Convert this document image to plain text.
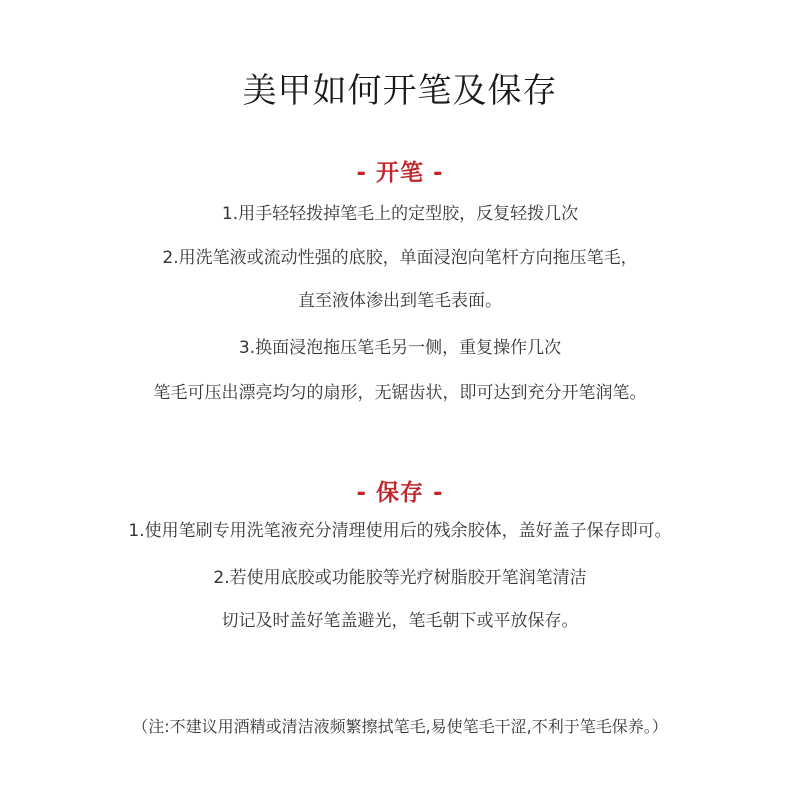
美甲如何开笔及保存
- 开笔 -
1.用手轻轻拨掉笔毛上的定型胶，反复轻拨几次
2.用洗笔液或流动性强的底胶，单面浸泡向笔杆方向拖压笔毛，
直至液体渗出到笔毛表面。
3.换面浸泡拖压笔毛另一侧，重复操作几次
笔毛可压出漂亮均匀的扇形，无锯齿状，即可达到充分开笔润笔。
- 保存 -
1.使用笔刷专用洗笔液充分清理使用后的残余胶体，盖好盖子保存即可。
2.若使用底胶或功能胶等光疗树脂胶开笔润笔清洁
切记及时盖好笔盖避光，笔毛朝下或平放保存。
（注:不建议用酒精或清洁液频繁擦拭笔毛,易使笔毛干涩,不利于笔毛保养。）
